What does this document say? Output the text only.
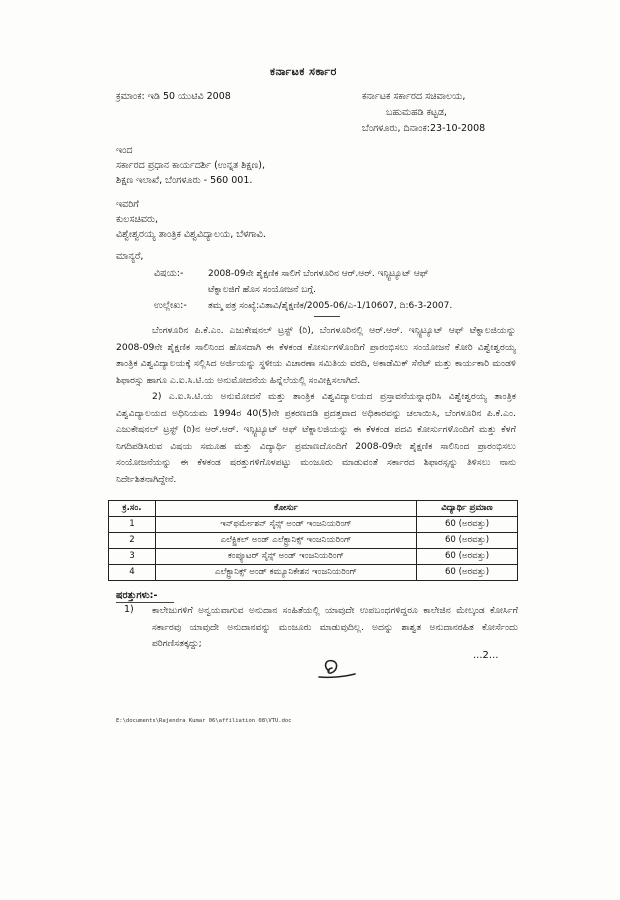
ಕರ್ನಾಟಕ ಸರ್ಕಾರ
ಕ್ರಮಾಂಕ: ಇಡಿ 50 ಯುಟಿವಿ 2008	ಕರ್ನಾಟಕ ಸರ್ಕಾರದ ಸಚಿವಾಲಯ,
ಬಹುಮಹಡಿ ಕಟ್ಟಡ,
ಬೆಂಗಳೂರು, ದಿನಾಂಕ:23-10-2008
ಇಂದ
ಸರ್ಕಾರದ ಪ್ರಧಾನ ಕಾರ್ಯದರ್ಶಿ (ಉನ್ನತ ಶಿಕ್ಷಣ),
ಶಿಕ್ಷಣ ಇಲಾಖೆ, ಬೆಂಗಳೂರು - 560 001.
ಇವರಿಗೆ
ಕುಲಸಚಿವರು,
ವಿಶ್ವೇಶ್ವರಯ್ಯ ತಾಂತ್ರಿಕ ವಿಶ್ವವಿದ್ಯಾಲಯ, ಬೆಳಗಾವಿ.
ಮಾನ್ಯರೆ,
ವಿಷಯ:-	2008-09ನೇ ಶೈಕ್ಷಣಿಕ ಸಾಲಿಗೆ ಬೆಂಗಳೂರಿನ ಆರ್.ಆರ್. ಇನ್ಸ್ಟಿಟ್ಯೂಟ್ ಆಫ್
ಟೆಕ್ನಾಲಜಿಗೆ ಹೊಸ ಸಂಯೋಜನೆ ಬಗ್ಗೆ.
ಉಲ್ಲೇಖ:- ತಮ್ಮ ಪತ್ರ ಸಂಖ್ಯೆ:ವಿತಾವಿ/ಶೈಕ್ಷಣಿಕ/2005-06/ಎ-1/10607, ದಿ:6-3-2007.
ಬೆಂಗಳೂರಿನ ಪಿ.ಕೆ.ಎಂ. ಎಜುಕೇಷನಲ್ ಟ್ರಸ್ಟ್ (ರಿ), ಬೆಂಗಳೂರಿನಲ್ಲಿ ಆರ್.ಆರ್. ಇನ್ಸ್ಟಿಟ್ಯೂಟ್ ಆಫ್ ಟೆಕ್ನಾಲಜಿಯನ್ನು 2008-09ನೇ ಶೈಕ್ಷಣಿಕ ಸಾಲಿನಿಂದ ಹೊಸದಾಗಿ ಈ ಕೆಳಕಂಡ ಕೋರ್ಸುಗಳೊಂದಿಗೆ ಪ್ರಾರಂಭಿಸಲು ಸಂಯೋಜನೆ ಕೋರಿ ವಿಶ್ವೇಶ್ವರಯ್ಯ ತಾಂತ್ರಿಕ ವಿಶ್ವವಿದ್ಯಾಲಯಕ್ಕೆ ಸಲ್ಲಿಸಿದ ಅರ್ಜಿಯನ್ನು ಸ್ಥಳೀಯ ವಿಚಾರಣಾ ಸಮಿತಿಯ ವರದಿ, ಅಕಾಡೆಮಿಕ್ ಸೆನೆಟ್ ಮತ್ತು ಕಾರ್ಯಕಾರಿ ಮಂಡಳಿ ಶಿಫಾರಸ್ಸು ಹಾಗೂ ಎ.ಐ.ಸಿ.ಟಿ.ಯ ಅನುಮೋದನೆಯ ಹಿನ್ನೆಲೆಯಲ್ಲಿ ಸಂವೀಕ್ಷಿಸಲಾಗಿದೆ.
2) ಎ.ಐ.ಸಿ.ಟಿ.ಯ ಅನುಮೋದನೆ ಮತ್ತು ತಾಂತ್ರಿಕ ವಿಶ್ವವಿದ್ಯಾಲಯದ ಪ್ರಸ್ತಾವನೆಯನ್ನಾಧರಿಸಿ ವಿಶ್ವೇಶ್ವರಯ್ಯ ತಾಂತ್ರಿಕ ವಿಶ್ವವಿದ್ಯಾಲಯದ ಅಧಿನಿಯಮ 1994ರ 40(5)ನೇ ಪ್ರಕರಣದಡಿ ಪ್ರದತ್ತವಾದ ಅಧಿಕಾರವನ್ನು ಚಲಾಯಿಸಿ, ಬೆಂಗಳೂರಿನ ಪಿ.ಕೆ.ಎಂ. ಎಜುಕೇಷನಲ್ ಟ್ರಸ್ಟ್ (ರಿ)ನ ಆರ್.ಆರ್. ಇನ್ಸ್ಟಿಟ್ಯೂಟ್ ಆಫ್ ಟೆಕ್ನಾಲಜಿಯನ್ನು ಈ ಕೆಳಕಂಡ ಪದವಿ ಕೋರ್ಸುಗಳೊಂದಿಗೆ ಮತ್ತು ಕೆಳಗೆ ನಿಗದಿಪಡಿಸಿರುವ ವಿಷಯ ಸಮೂಹ ಮತ್ತು ವಿದ್ಯಾರ್ಥಿ ಪ್ರಮಾಣದೊಂದಿಗೆ 2008-09ನೇ ಶೈಕ್ಷಣಿಕ ಸಾಲಿನಿಂದ ಪ್ರಾರಂಭಿಸಲು ಸಂಯೋಜನೆಯನ್ನು ಈ ಕೆಳಕಂಡ ಷರತ್ತುಗಳಿಗೊಳಪಟ್ಟು ಮಂಜೂರು ಮಾಡುವಂತೆ ಸರ್ಕಾರದ ಶಿಫಾರಸ್ಸನ್ನು ತಿಳಿಸಲು ನಾನು ನಿರ್ದೇಶಿತನಾಗಿದ್ದೇನೆ.
ಕ್ರ.ಸಂ.	ಕೋರ್ಸು	ವಿದ್ಯಾರ್ಥಿ ಪ್ರಮಾಣ
1	ಇನ್‌ಫರ್ಮೇಶನ್ ಸೈನ್ಸ್ ಅಂಡ್ ಇಂಜನಿಯರಿಂಗ್	60 (ಅರವತ್ತು)
2	ಎಲೆಕ್ಟ್ರಿಕಲ್ ಅಂಡ್ ಎಲೆಕ್ಟ್ರಾನಿಕ್ಸ್ ಇಂಜನಿಯರಿಂಗ್	60 (ಅರವತ್ತು)
3	ಕಂಪ್ಯೂಟರ್ ಸೈನ್ಸ್ ಅಂಡ್ ಇಂಜನಿಯರಿಂಗ್	60 (ಅರವತ್ತು)
4	ಎಲೆಕ್ಟ್ರಾನಿಕ್ಸ್ ಅಂಡ್ ಕಮ್ಯೂನಿಕೇಶನ ಇಂಜನಿಯರಿಂಗ್	60 (ಅರವತ್ತು)
ಷರತ್ತುಗಳು:-
1) ಕಾಲೇಜುಗಳಿಗೆ ಅನ್ವಯವಾಗುವ ಅನುದಾನ ಸಂಹಿತೆಯಲ್ಲಿ ಯಾವುದೇ ಉಪಬಂಧಗಳಿದ್ದರೂ ಕಾಲೇಜಿನ ಮೇಲ್ಕಂಡ ಕೋರ್ಸಿಗೆ ಸರ್ಕಾರವು ಯಾವುದೇ ಅನುದಾನವನ್ನು ಮಂಜೂರು ಮಾಡುವುದಿಲ್ಲ. ಅದನ್ನು ಶಾಶ್ವತ ಅನುದಾನರಹಿತ ಕೋರ್ಸೆಂದು ಪರಿಗಣಿಸತಕ್ಕದ್ದು;
...2...
E:\documents\Rajendra Kumar 06\affiliation 08\VTU.doc
